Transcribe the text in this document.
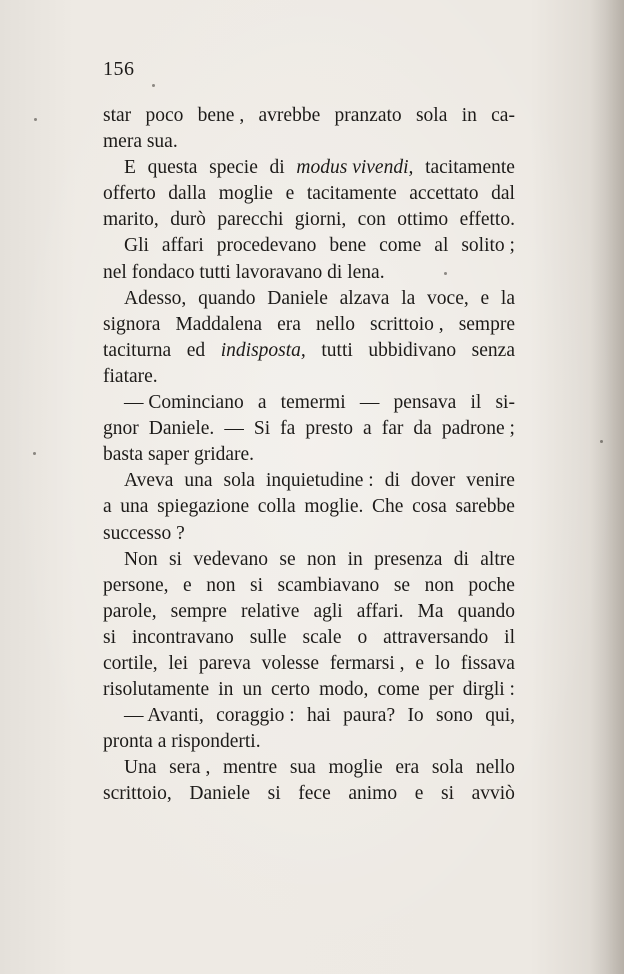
156
star poco bene , avrebbe pranzato sola in ca-
mera sua.
E questa specie di modus vivendi, tacitamente
offerto dalla moglie e tacitamente accettato dal
marito, durò parecchi giorni, con ottimo effetto.
Gli affari procedevano bene come al solito ;
nel fondaco tutti lavoravano di lena.
Adesso, quando Daniele alzava la voce, e la
signora Maddalena era nello scrittoio , sempre
taciturna ed indisposta, tutti ubbidivano senza
fiatare.
— Cominciano a temermi — pensava il si-
gnor Daniele. — Si fa presto a far da padrone ;
basta saper gridare.
Aveva una sola inquietudine : di dover venire
a una spiegazione colla moglie. Che cosa sarebbe
successo ?
Non si vedevano se non in presenza di altre
persone, e non si scambiavano se non poche
parole, sempre relative agli affari. Ma quando
si incontravano sulle scale o attraversando il
cortile, lei pareva volesse fermarsi , e lo fissava
risolutamente in un certo modo, come per dirgli :
— Avanti, coraggio : hai paura? Io sono qui,
pronta a risponderti.
Una sera , mentre sua moglie era sola nello
scrittoio, Daniele si fece animo e si avviò
